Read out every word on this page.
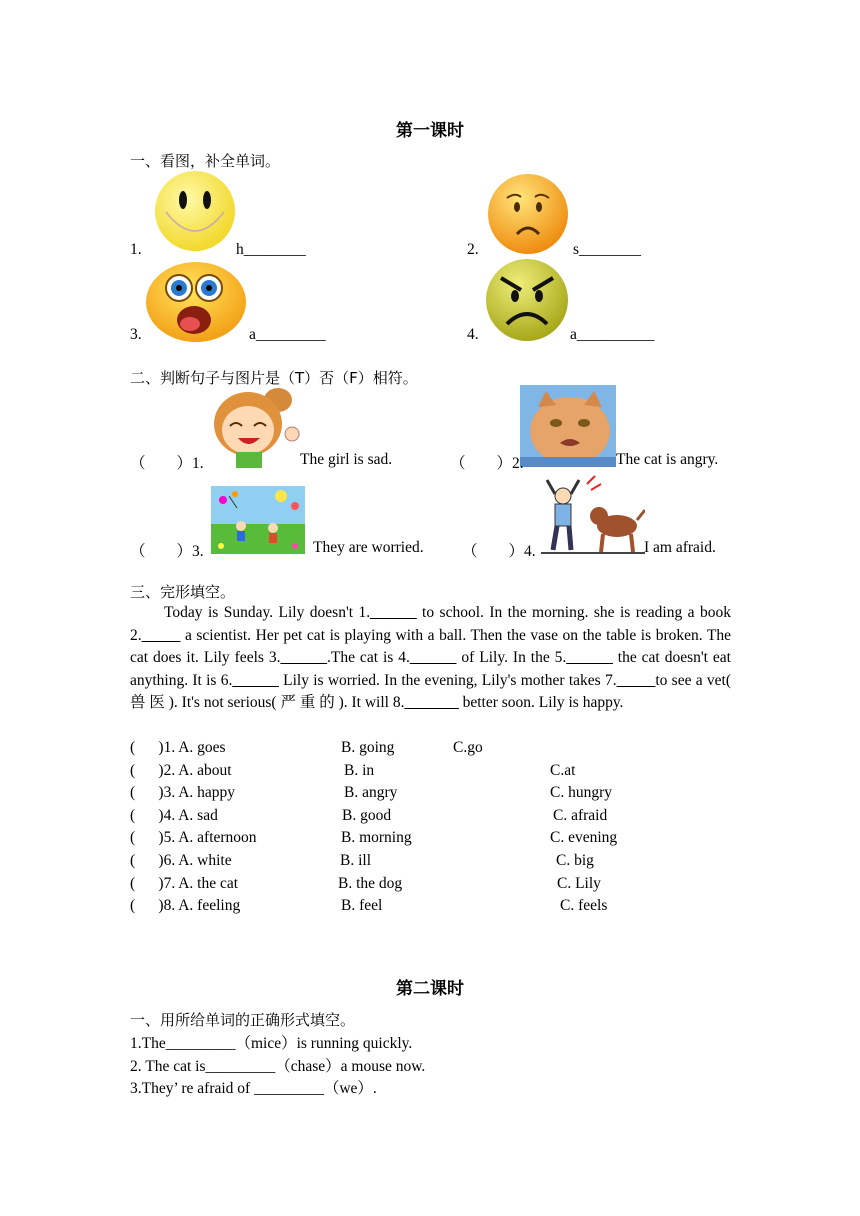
第一课时
一、看图，补全单词。
1.	h________	2.	s________
3.	a_________	4.	a__________
二、判断句子与图片是（T）否（F）相符。
（　　）1.	The girl is sad.	（　　）2.	The cat is angry.
（　　）3.	They are worried. （　　）4.	I am afraid.
三、完形填空。
Today is Sunday. Lily doesn't 1.______ to school. In the morning. she is reading a book 2._____ a scientist. Her pet cat is playing with a ball. Then the vase on the table is broken. The cat does it. Lily feels 3.______.The cat is 4.______ of Lily. In the 5.______ the cat doesn't eat anything. It is 6.______ Lily is worried. In the evening, Lily's mother takes 7._____to see a vet( 兽 医 ). It's not serious( 严 重 的 ). It will 8._______ better soon. Lily is happy.
(      )1. A. goes	B. going	C.go
(      )2. A. about	B. in	C.at
(      )3. A. happy	B. angry	C. hungry
(      )4. A. sad	B. good	C. afraid
(      )5. A. afternoon	B. morning	C. evening
(      )6. A. white	B. ill	C. big
(      )7. A. the cat	B. the dog	C. Lily
(      )8. A. feeling	B. feel	C. feels
第二课时
一、用所给单词的正确形式填空。
1.The_________（mice）is running quickly.
2. The cat is_________（chase）a mouse now.
3.They’ re afraid of _________（we）.
